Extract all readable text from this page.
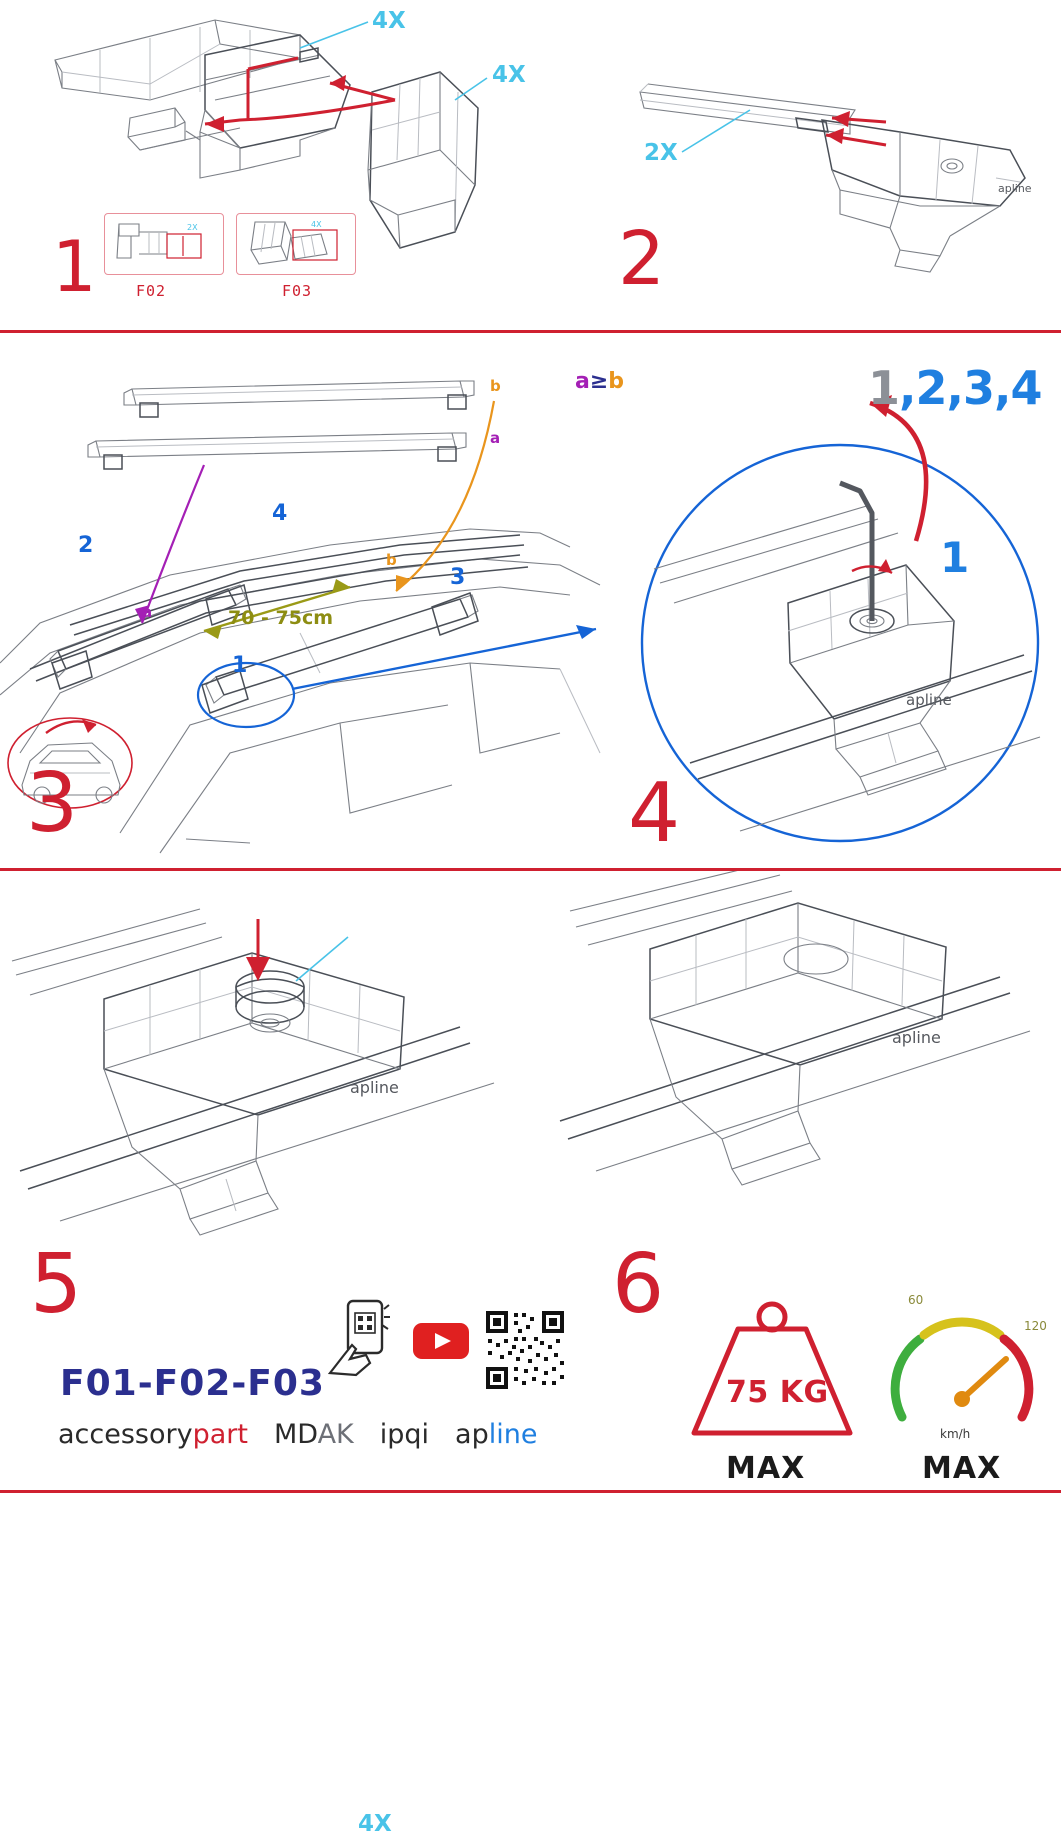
4X
4X
2X
F02
4X
F03
1
apline
2X
2
b
a
a
b
a≥b
70 - 75cm
1
2
3
4
3
apline
1,2,3,4
1
4
apline
4X
5
F01-F02-F03
accessorypart MDAK ipqi apline
apline
6
75 KG
MAX
60
120
km/h
MAX
